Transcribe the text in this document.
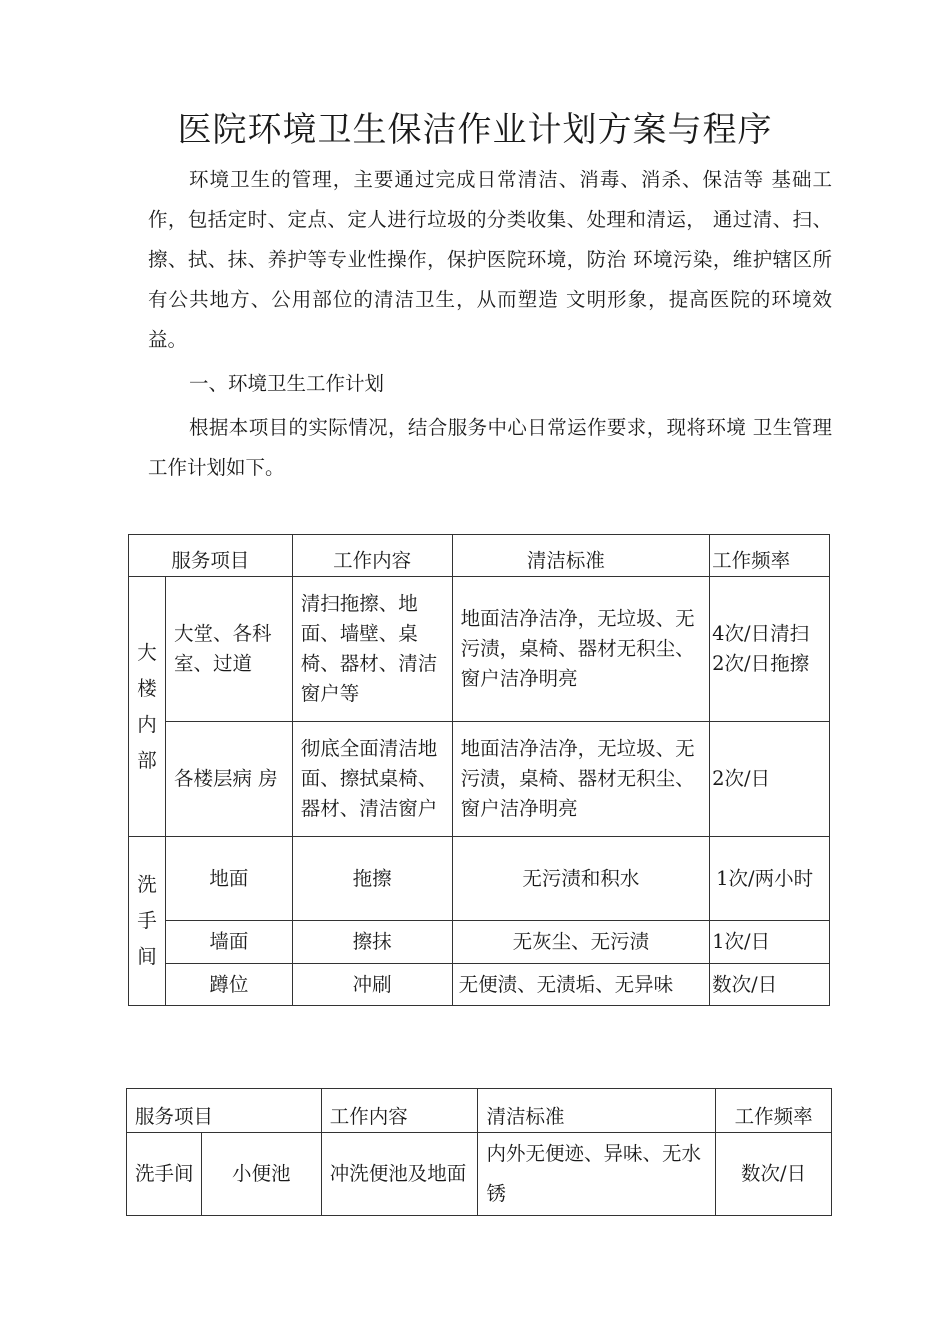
医院环境卫生保洁作业计划方案与程序
环境卫生的管理，主要通过完成日常清洁、消毒、消杀、保洁等 基础工作，包括定时、定点、定人进行垃圾的分类收集、处理和清运， 通过清、扫、擦、拭、抹、养护等专业性操作，保护医院环境，防治 环境污染，维护辖区所有公共地方、公用部位的清洁卫生，从而塑造 文明形象，提高医院的环境效益。
一、环境卫生工作计划
根据本项目的实际情况，结合服务中心日常运作要求，现将环境 卫生管理工作计划如下。
服务项目		工作内容	清洁标准	工作频率

大楼内部	大堂、各科室、过道	清扫拖擦、地面、墙壁、桌椅、器材、清洁窗户等	地面洁净洁净，无垃圾、无污渍，桌椅、器材无积尘、窗户洁净明亮	4次/日清扫 2次/日拖擦
	各楼层病 房	彻底全面清洁地面、擦拭桌椅、器材、清洁窗户	地面洁净洁净，无垃圾、无污渍，桌椅、器材无积尘、窗户洁净明亮	2次/日

洗手间	地面	拖擦	无污渍和积水	1次/两小时
	墙面	擦抹	无灰尘、无污渍	1次/日
	蹲位	冲刷	无便渍、无渍垢、无异味	数次/日
服务项目		工作内容	清洁标准	工作频率
洗手间	小便池	冲洗便池及地面	内外无便迹、异味、无水锈	数次/日
